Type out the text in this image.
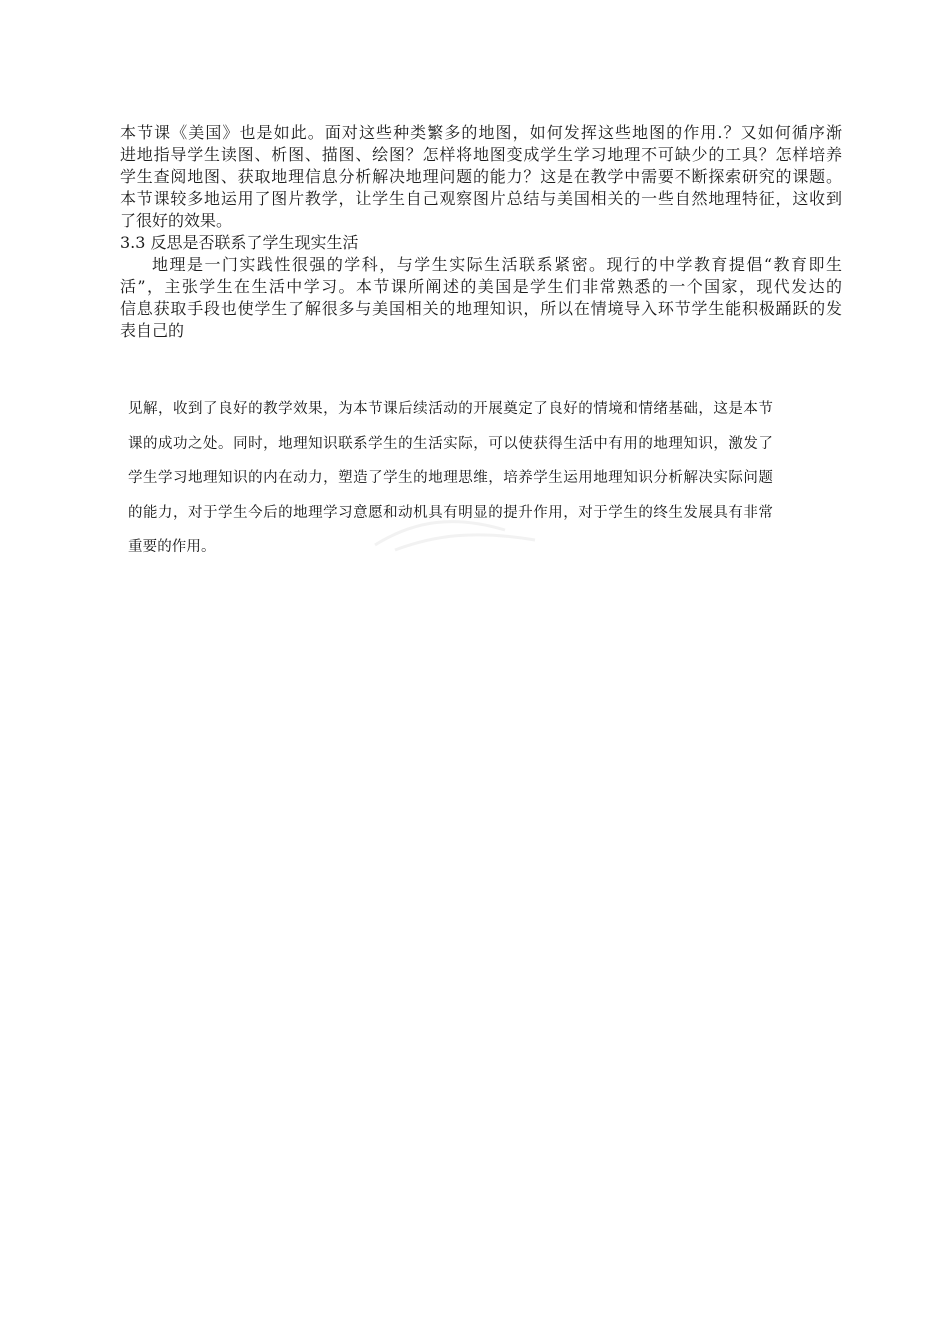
本节课《美国》也是如此。面对这些种类繁多的地图，如何发挥这些地图的作用.？又如何循序渐
进地指导学生读图、析图、描图、绘图？怎样将地图变成学生学习地理不可缺少的工具？怎样培养
学生查阅地图、获取地理信息分析解决地理问题的能力？这是在教学中需要不断探索研究的课题。
本节课较多地运用了图片教学，让学生自己观察图片总结与美国相关的一些自然地理特征，这收到
了很好的效果。
3.3 反思是否联系了学生现实生活
地理是一门实践性很强的学科，与学生实际生活联系紧密。现行的中学教育提倡“教育即生
活”，主张学生在生活中学习。本节课所阐述的美国是学生们非常熟悉的一个国家，现代发达的
信息获取手段也使学生了解很多与美国相关的地理知识，所以在情境导入环节学生能积极踊跃的发
表自己的
见解，收到了良好的教学效果，为本节课后续活动的开展奠定了良好的情境和情绪基础，这是本节
课的成功之处。同时，地理知识联系学生的生活实际，可以使获得生活中有用的地理知识，激发了
学生学习地理知识的内在动力，塑造了学生的地理思维，培养学生运用地理知识分析解决实际问题
的能力，对于学生今后的地理学习意愿和动机具有明显的提升作用，对于学生的终生发展具有非常
重要的作用。
